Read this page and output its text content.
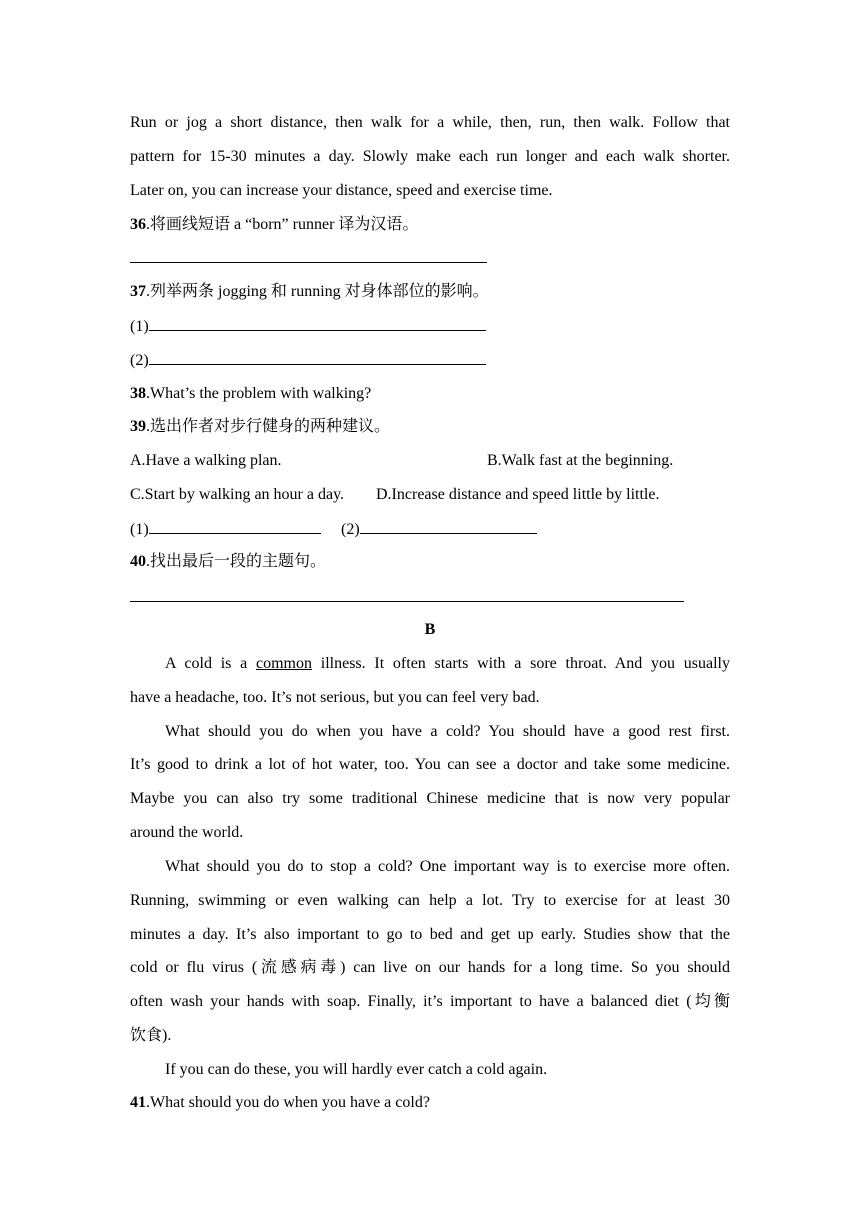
Run or jog a short distance, then walk for a while, then, run, then walk. Follow that
pattern for 15-30 minutes a day. Slowly make each run longer and each walk shorter.
Later on, you can increase your distance, speed and exercise time.
36.将画线短语 a “born” runner 译为汉语。
37.列举两条 jogging 和 running 对身体部位的影响。
(1)
(2)
38.What’s the problem with walking?
39.选出作者对步行健身的两种建议。
A.Have a walking plan.	B.Walk fast at the beginning.
C.Start by walking an hour a day. D.Increase distance and speed little by little.
(1)	(2)
40.找出最后一段的主题句。
B
A cold is a common illness. It often starts with a sore throat. And you usually
have a headache, too. It’s not serious, but you can feel very bad.
What should you do when you have a cold? You should have a good rest first.
It’s good to drink a lot of hot water, too. You can see a doctor and take some medicine.
Maybe you can also try some traditional Chinese medicine that is now very popular
around the world.
What should you do to stop a cold? One important way is to exercise more often.
Running, swimming or even walking can help a lot. Try to exercise for at least 30
minutes a day. It’s also important to go to bed and get up early. Studies show that the
cold or flu virus (流感病毒) can live on our hands for a long time. So you should
often wash your hands with soap. Finally, it’s important to have a balanced diet (均衡
饮食).
If you can do these, you will hardly ever catch a cold again.
41.What should you do when you have a cold?
